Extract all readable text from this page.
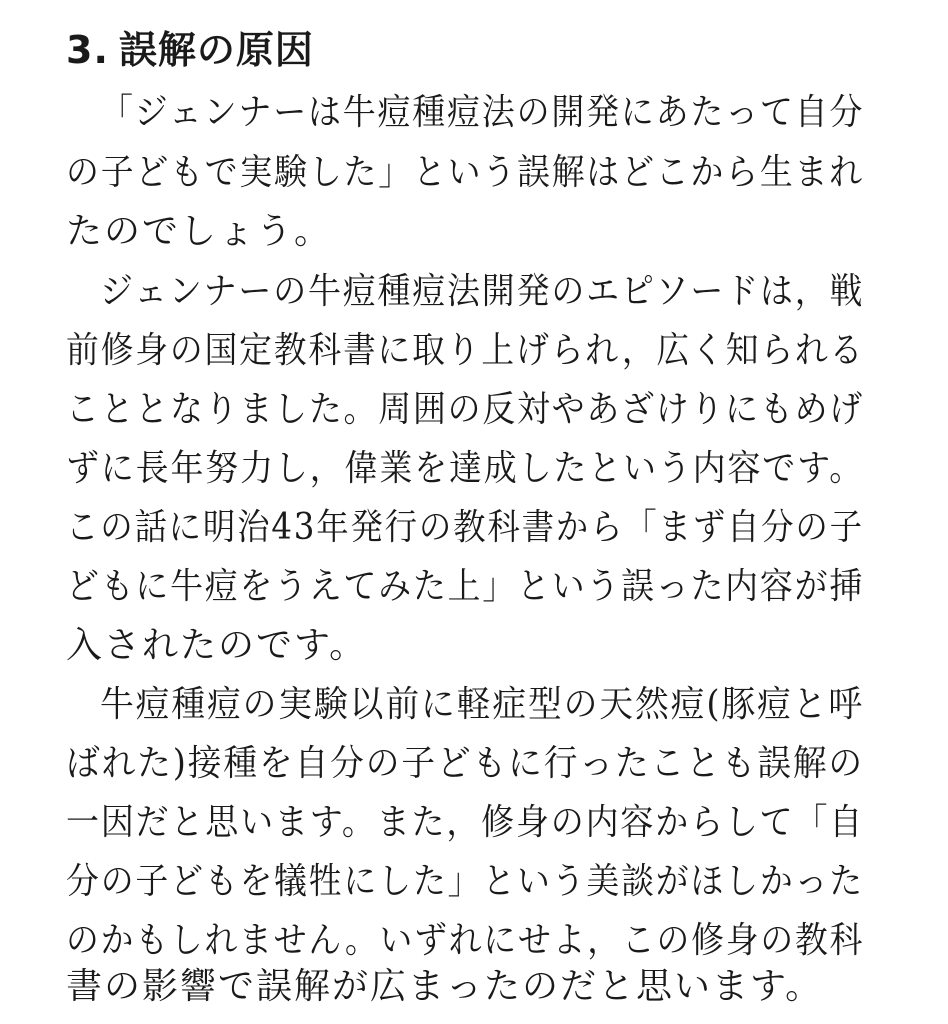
3. 誤解の原因

「ジェンナーは牛痘種痘法の開発にあたって自分

の子どもで実験した」という誤解はどこから生まれ

たのでしょう。

ジェンナーの牛痘種痘法開発のエピソードは，戦

前修身の国定教科書に取り上げられ，広く知られる

こととなりました。周囲の反対やあざけりにもめげ

ずに長年努力し，偉業を達成したという内容です。

この話に明治43年発行の教科書から「まず自分の子

どもに牛痘をうえてみた上」という誤った内容が挿

入されたのです。

牛痘種痘の実験以前に軽症型の天然痘(豚痘と呼

ばれた)接種を自分の子どもに行ったことも誤解の

一因だと思います。また，修身の内容からして「自

分の子どもを犠牲にした」という美談がほしかった

のかもしれません。いずれにせよ，この修身の教科

書の影響で誤解が広まったのだと思います。
